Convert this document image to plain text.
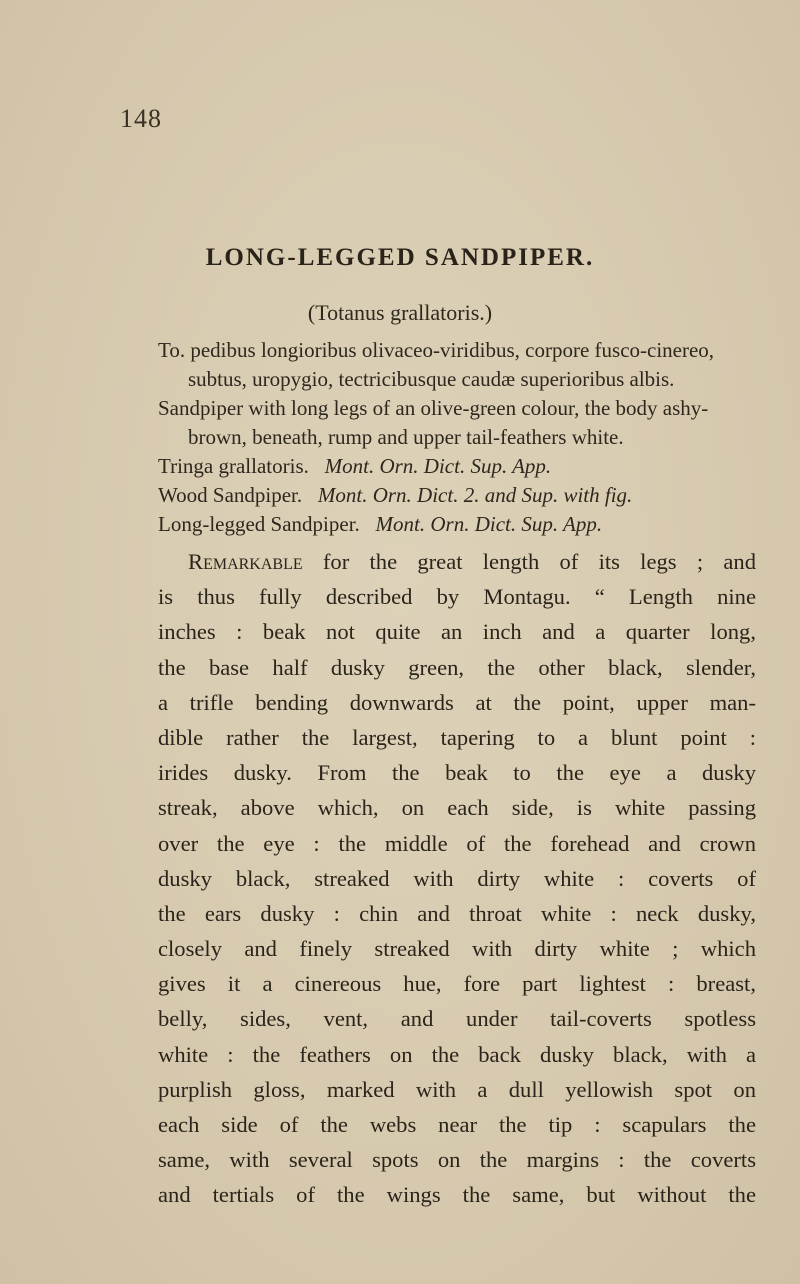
148
LONG-LEGGED SANDPIPER.
(Totanus grallatoris.)
To. pedibus longioribus olivaceo-viridibus, corpore fusco-cinereo,
subtus, uropygio, tectricibusque caudæ superioribus albis.
Sandpiper with long legs of an olive-green colour, the body ashy-
brown, beneath, rump and upper tail-feathers white.
Tringa grallatoris. Mont. Orn. Dict. Sup. App.
Wood Sandpiper. Mont. Orn. Dict. 2. and Sup. with fig.
Long-legged Sandpiper. Mont. Orn. Dict. Sup. App.
Remarkable for the great length of its legs ; and
is thus fully described by Montagu. “ Length nine
inches : beak not quite an inch and a quarter long,
the base half dusky green, the other black, slender,
a trifle bending downwards at the point, upper man-
dible rather the largest, tapering to a blunt point :
irides dusky. From the beak to the eye a dusky
streak, above which, on each side, is white passing
over the eye : the middle of the forehead and crown
dusky black, streaked with dirty white : coverts of
the ears dusky : chin and throat white : neck dusky,
closely and finely streaked with dirty white ; which
gives it a cinereous hue, fore part lightest : breast,
belly, sides, vent, and under tail-coverts spotless
white : the feathers on the back dusky black, with a
purplish gloss, marked with a dull yellowish spot on
each side of the webs near the tip : scapulars the
same, with several spots on the margins : the coverts
and tertials of the wings the same, but without the
